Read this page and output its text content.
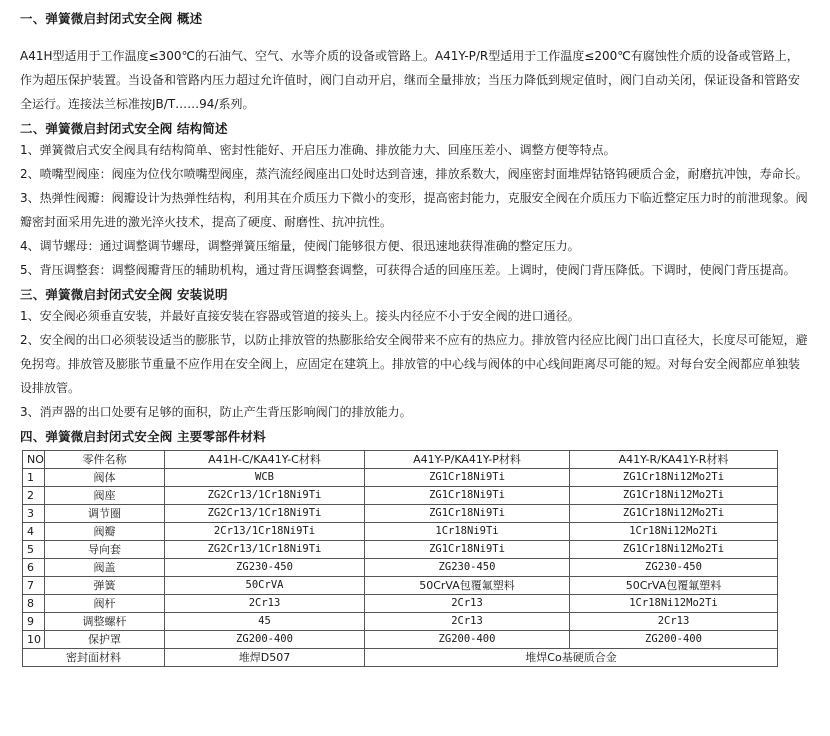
一、弹簧微启封闭式安全阀 概述

A41H型适用于工作温度≤300℃的石油气、空气、水等介质的设备或管路上。A41Y-P/R型适用于工作温度≤200℃有腐蚀性介质的设备或管路上，作为超压保护装置。当设备和管路内压力超过允许值时，阀门自动开启，继而全量排放；当压力降低到规定值时，阀门自动关闭，保证设备和管路安全运行。连接法兰标准按JB/T……94/系列。

二、弹簧微启封闭式安全阀 结构简述

1、弹簧微启式安全阀具有结构简单、密封性能好、开启压力准确、排放能力大、回座压差小、调整方便等特点。

2、喷嘴型阀座：阀座为位伐尔喷嘴型阀座，蒸汽流经阀座出口处时达到音速，排放系数大，阀座密封面堆焊钴铬钨硬质合金，耐磨抗冲蚀，寿命长。

3、热弹性阀瓣：阀瓣设计为热弹性结构，利用其在介质压力下微小的变形，提高密封能力，克服安全阀在介质压力下临近整定压力时的前泄现象。阀瓣密封面采用先进的激光淬火技术，提高了硬度、耐磨性、抗冲抗性。

4、调节螺母：通过调整调节螺母，调整弹簧压缩量，使阀门能够很方便、很迅速地获得准确的整定压力。

5、背压调整套：调整阀瓣背压的辅助机构，通过背压调整套调整，可获得合适的回座压差。上调时，使阀门背压降低。下调时，使阀门背压提高。

三、弹簧微启封闭式安全阀 安装说明

1、安全阀必须垂直安装，并最好直接安装在容器或管道的接头上。接头内径应不小于安全阀的进口通径。

2、安全阀的出口必须装设适当的膨胀节，以防止排放管的热膨胀给安全阀带来不应有的热应力。排放管内径应比阀门出口直径大，长度尽可能短，避免拐弯。排放管及膨胀节重量不应作用在安全阀上，应固定在建筑上。排放管的中心线与阀体的中心线间距离尽可能的短。对每台安全阀都应单独装设排放管。

3、消声器的出口处要有足够的面积，防止产生背压影响阀门的排放能力。

四、弹簧微启封闭式安全阀 主要零部件材料
NO	零件名称	A41H-C/KA41Y-C材料	A41Y-P/KA41Y-P材料	A41Y-R/KA41Y-R材料
1	阀体	WCB	ZG1Cr18Ni9Ti	ZG1Cr18Ni12Mo2Ti
2	阀座	ZG2Cr13/1Cr18Ni9Ti	ZG1Cr18Ni9Ti	ZG1Cr18Ni12Mo2Ti
3	调节圈	ZG2Cr13/1Cr18Ni9Ti	ZG1Cr18Ni9Ti	ZG1Cr18Ni12Mo2Ti
4	阀瓣	2Cr13/1Cr18Ni9Ti	1Cr18Ni9Ti	1Cr18Ni12Mo2Ti
5	导向套	ZG2Cr13/1Cr18Ni9Ti	ZG1Cr18Ni9Ti	ZG1Cr18Ni12Mo2Ti
6	阀盖	ZG230-450	ZG230-450	ZG230-450
7	弹簧	50CrVA	50CrVA包覆氟塑料	50CrVA包覆氟塑料
8	阀杆	2Cr13	2Cr13	1Cr18Ni12Mo2Ti
9	调整螺杆	45	2Cr13	2Cr13
10	保护罩	ZG200-400	ZG200-400	ZG200-400
密封面材料		堆焊D507	堆焊Co基硬质合金	
